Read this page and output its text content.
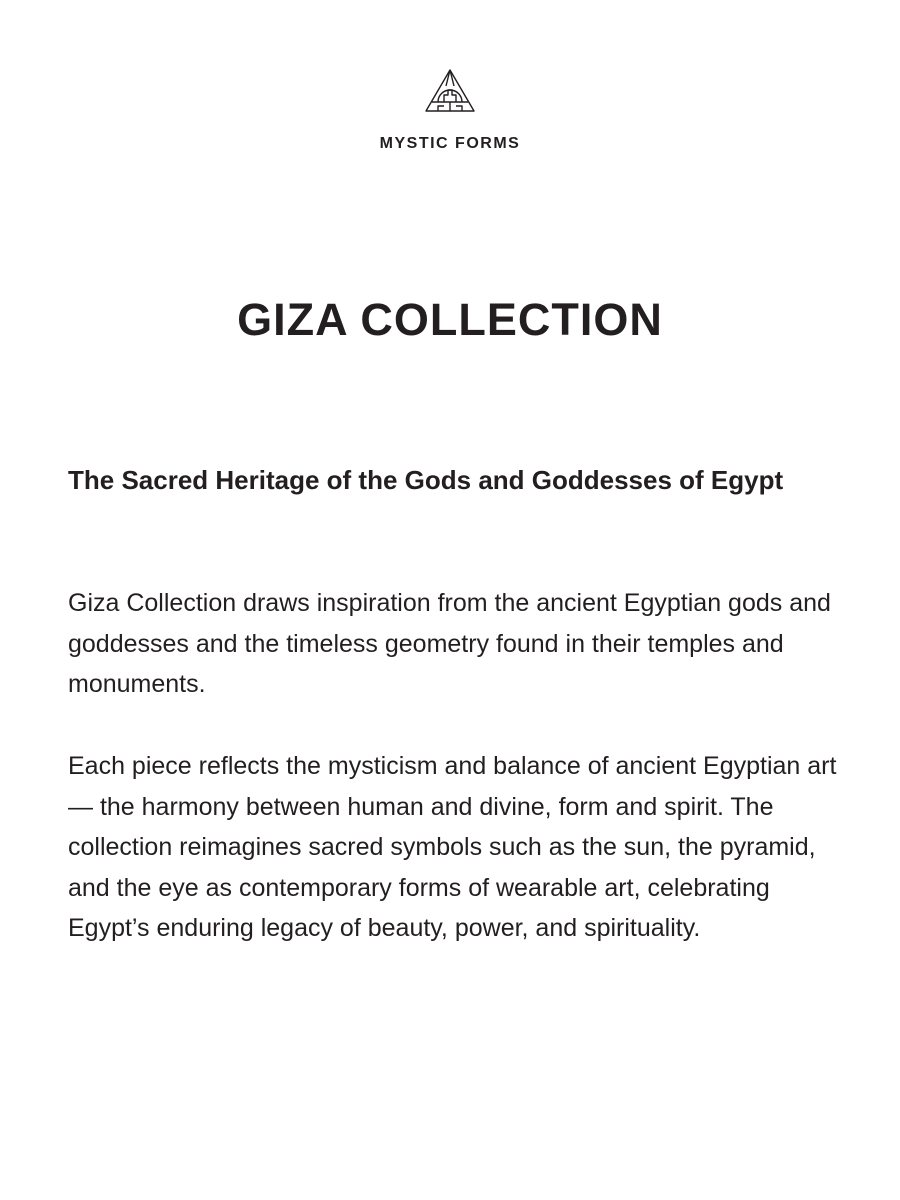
MYSTIC FORMS
GIZA COLLECTION
The Sacred Heritage of the Gods and Goddesses of Egypt

Giza Collection draws inspiration from the ancient Egyptian gods and goddesses and the timeless geometry found in their temples and monuments.

Each piece reflects the mysticism and balance of ancient Egyptian art — the harmony between human and divine, form and spirit. The collection reimagines sacred symbols such as the sun, the pyramid, and the eye as contemporary forms of wearable art, celebrating Egypt’s enduring legacy of beauty, power, and spirituality.
